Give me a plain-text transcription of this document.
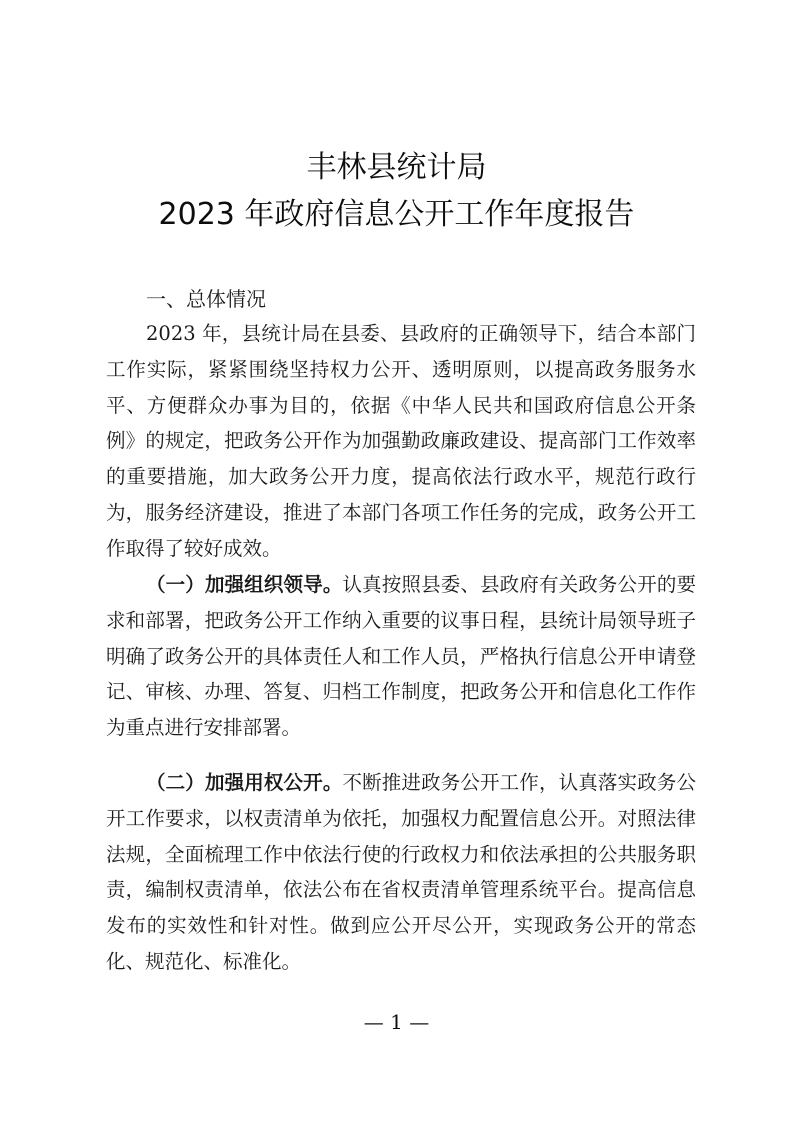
丰林县统计局
2023 年政府信息公开工作年度报告
一、总体情况
2023 年，县统计局在县委、县政府的正确领导下，结合本部门工作实际，紧紧围绕坚持权力公开、透明原则，以提高政务服务水平、方便群众办事为目的，依据《中华人民共和国政府信息公开条例》的规定，把政务公开作为加强勤政廉政建设、提高部门工作效率的重要措施，加大政务公开力度，提高依法行政水平，规范行政行为，服务经济建设，推进了本部门各项工作任务的完成，政务公开工作取得了较好成效。
（一）加强组织领导。认真按照县委、县政府有关政务公开的要求和部署，把政务公开工作纳入重要的议事日程，县统计局领导班子明确了政务公开的具体责任人和工作人员，严格执行信息公开申请登记、审核、办理、答复、归档工作制度，把政务公开和信息化工作作为重点进行安排部署。
（二）加强用权公开。不断推进政务公开工作，认真落实政务公开工作要求，以权责清单为依托，加强权力配置信息公开。对照法律法规，全面梳理工作中依法行使的行政权力和依法承担的公共服务职责，编制权责清单，依法公布在省权责清单管理系统平台。提高信息发布的实效性和针对性。做到应公开尽公开，实现政务公开的常态化、规范化、标准化。
— 1 —
